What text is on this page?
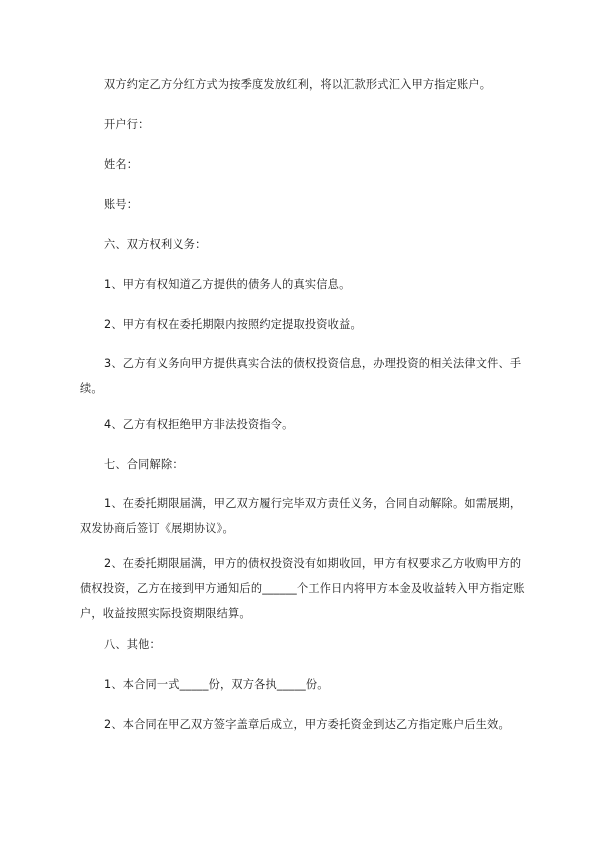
双方约定乙方分红方式为按季度发放红利，将以汇款形式汇入甲方指定账户。

开户行：

姓名：

账号：

六、双方权利义务：

1、甲方有权知道乙方提供的债务人的真实信息。

2、甲方有权在委托期限内按照约定提取投资收益。

3、乙方有义务向甲方提供真实合法的债权投资信息，办理投资的相关法律文件、手续。

4、乙方有权拒绝甲方非法投资指令。

七、合同解除：

1、在委托期限届满，甲乙双方履行完毕双方责任义务，合同自动解除。如需展期，双发协商后签订《展期协议》。

2、在委托期限届满，甲方的债权投资没有如期收回，甲方有权要求乙方收购甲方的债权投资，乙方在接到甲方通知后的______个工作日内将甲方本金及收益转入甲方指定账户，收益按照实际投资期限结算。

八、其他：

1、本合同一式_____份，双方各执_____份。

2、本合同在甲乙双方签字盖章后成立，甲方委托资金到达乙方指定账户后生效。
